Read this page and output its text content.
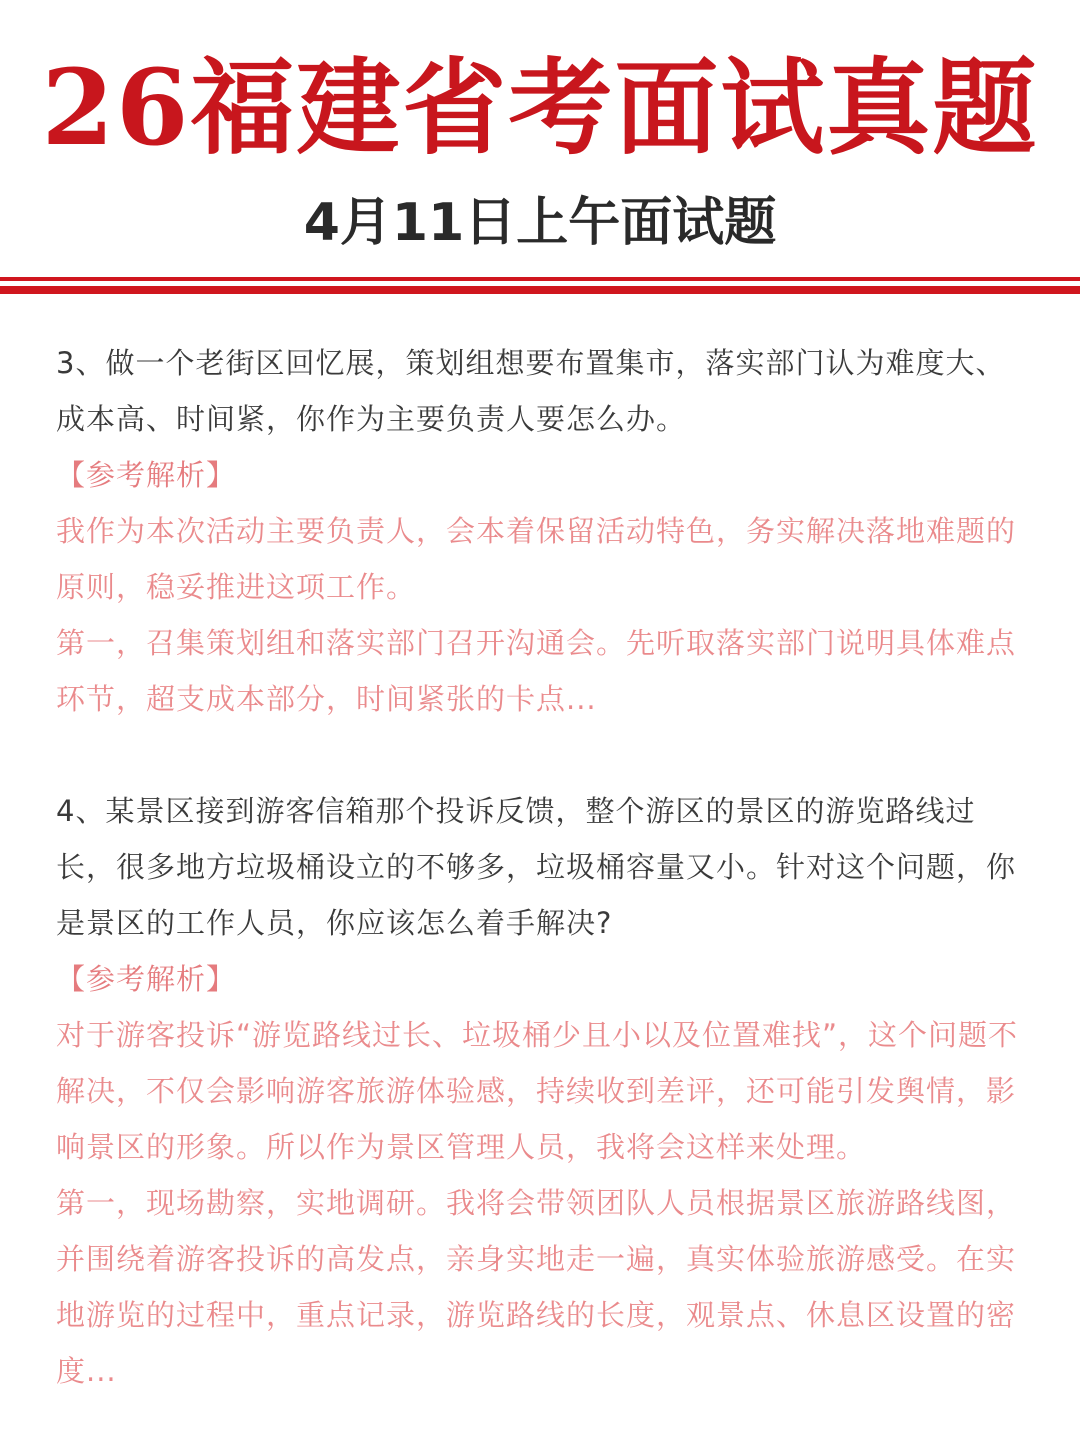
26福建省考面试真题
4月11日上午面试题

3、做一个老街区回忆展，策划组想要布置集市，落实部门认为难度大、成本高、时间紧，你作为主要负责人要怎么办。

【参考解析】

我作为本次活动主要负责人，会本着保留活动特色，务实解决落地难题的原则，稳妥推进这项工作。

第一，召集策划组和落实部门召开沟通会。先听取落实部门说明具体难点环节，超支成本部分，时间紧张的卡点...

4、某景区接到游客信箱那个投诉反馈，整个游区的景区的游览路线过长，很多地方垃圾桶设立的不够多，垃圾桶容量又小。针对这个问题，你是景区的工作人员，你应该怎么着手解决?

【参考解析】

对于游客投诉“游览路线过长、垃圾桶少且小以及位置难找”，这个问题不解决，不仅会影响游客旅游体验感，持续收到差评，还可能引发舆情，影响景区的形象。所以作为景区管理人员，我将会这样来处理。

第一，现场勘察，实地调研。我将会带领团队人员根据景区旅游路线图，并围绕着游客投诉的高发点，亲身实地走一遍，真实体验旅游感受。在实地游览的过程中，重点记录，游览路线的长度，观景点、休息区设置的密度...
